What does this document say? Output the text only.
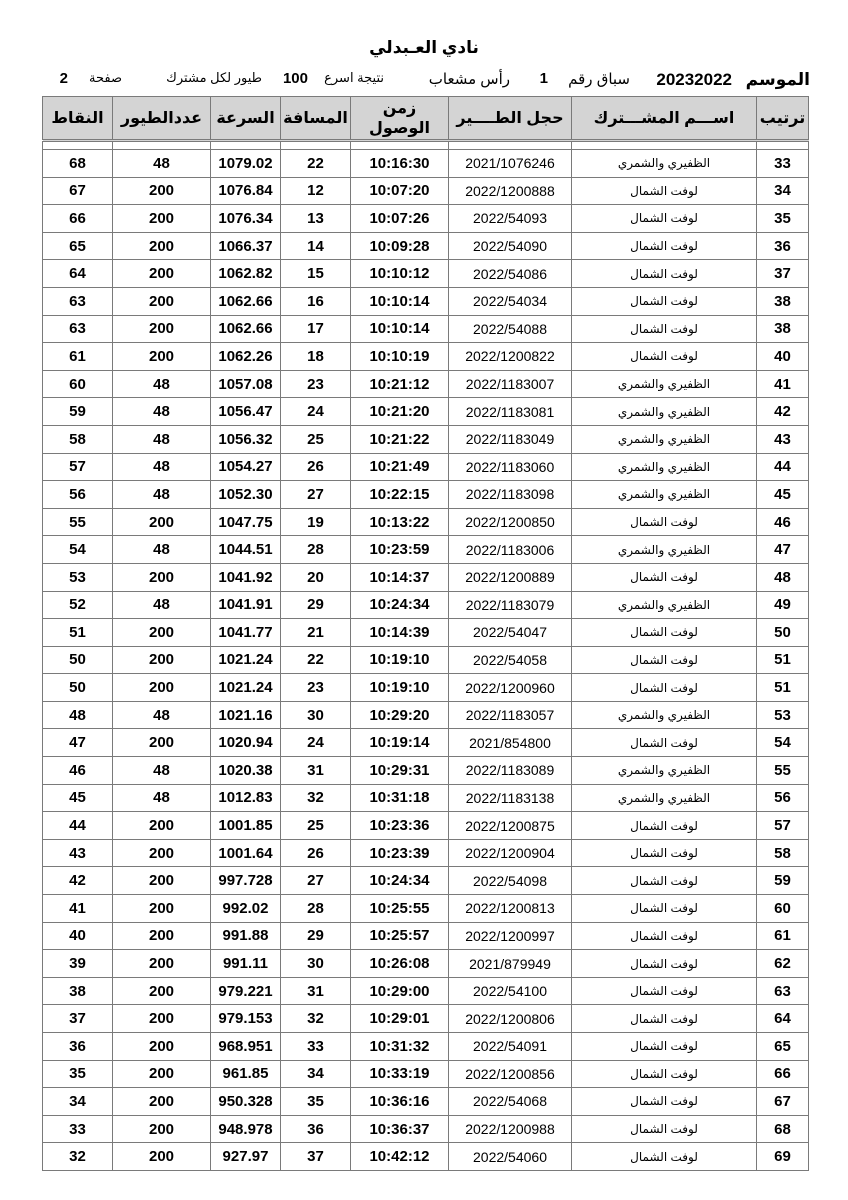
نادي العـبدلي
الموسم
20232022
سباق رقم
1
رأس مشعاب
نتيجة اسرع
100
طيور لكل مشترك
صفحة
2
ترتيب	اســـم المشـــترك	حجل الطــــير	زمن الوصول	المسافة	السرعة	عددالطيور	النقاط

33	الظفيري والشمري	2021/1076246	10:16:30	22	1079.02	48	68
34	لوفت الشمال	2022/1200888	10:07:20	12	1076.84	200	67
35	لوفت الشمال	2022/54093	10:07:26	13	1076.34	200	66
36	لوفت الشمال	2022/54090	10:09:28	14	1066.37	200	65
37	لوفت الشمال	2022/54086	10:10:12	15	1062.82	200	64
38	لوفت الشمال	2022/54034	10:10:14	16	1062.66	200	63
38	لوفت الشمال	2022/54088	10:10:14	17	1062.66	200	63
40	لوفت الشمال	2022/1200822	10:10:19	18	1062.26	200	61
41	الظفيري والشمري	2022/1183007	10:21:12	23	1057.08	48	60
42	الظفيري والشمري	2022/1183081	10:21:20	24	1056.47	48	59
43	الظفيري والشمري	2022/1183049	10:21:22	25	1056.32	48	58
44	الظفيري والشمري	2022/1183060	10:21:49	26	1054.27	48	57
45	الظفيري والشمري	2022/1183098	10:22:15	27	1052.30	48	56
46	لوفت الشمال	2022/1200850	10:13:22	19	1047.75	200	55
47	الظفيري والشمري	2022/1183006	10:23:59	28	1044.51	48	54
48	لوفت الشمال	2022/1200889	10:14:37	20	1041.92	200	53
49	الظفيري والشمري	2022/1183079	10:24:34	29	1041.91	48	52
50	لوفت الشمال	2022/54047	10:14:39	21	1041.77	200	51
51	لوفت الشمال	2022/54058	10:19:10	22	1021.24	200	50
51	لوفت الشمال	2022/1200960	10:19:10	23	1021.24	200	50
53	الظفيري والشمري	2022/1183057	10:29:20	30	1021.16	48	48
54	لوفت الشمال	2021/854800	10:19:14	24	1020.94	200	47
55	الظفيري والشمري	2022/1183089	10:29:31	31	1020.38	48	46
56	الظفيري والشمري	2022/1183138	10:31:18	32	1012.83	48	45
57	لوفت الشمال	2022/1200875	10:23:36	25	1001.85	200	44
58	لوفت الشمال	2022/1200904	10:23:39	26	1001.64	200	43
59	لوفت الشمال	2022/54098	10:24:34	27	997.728	200	42
60	لوفت الشمال	2022/1200813	10:25:55	28	992.02	200	41
61	لوفت الشمال	2022/1200997	10:25:57	29	991.88	200	40
62	لوفت الشمال	2021/879949	10:26:08	30	991.11	200	39
63	لوفت الشمال	2022/54100	10:29:00	31	979.221	200	38
64	لوفت الشمال	2022/1200806	10:29:01	32	979.153	200	37
65	لوفت الشمال	2022/54091	10:31:32	33	968.951	200	36
66	لوفت الشمال	2022/1200856	10:33:19	34	961.85	200	35
67	لوفت الشمال	2022/54068	10:36:16	35	950.328	200	34
68	لوفت الشمال	2022/1200988	10:36:37	36	948.978	200	33
69	لوفت الشمال	2022/54060	10:42:12	37	927.97	200	32
